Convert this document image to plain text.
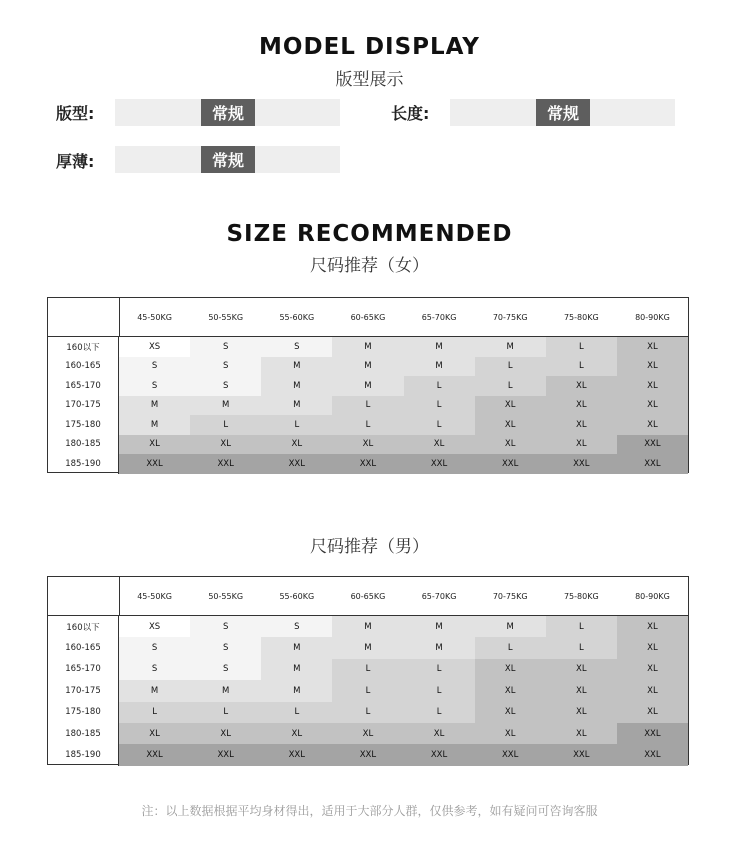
MODEL DISPLAY
版型展示
版型:	常规	长度:	常规
厚薄:	常规
SIZE RECOMMENDED
尺码推荐（女）
45-50KG	50-55KG	55-60KG	60-65KG	65-70KG	70-75KG	75-80KG	80-90KG
160以下	XS	S	S	M	M	M	L	XL
160-165	S	S	M	M	M	L	L	XL
165-170	S	S	M	M	L	L	XL	XL
170-175	M	M	M	L	L	XL	XL	XL
175-180	M	L	L	L	L	XL	XL	XL
180-185	XL	XL	XL	XL	XL	XL	XL	XXL
185-190	XXL	XXL	XXL	XXL	XXL	XXL	XXL	XXL
尺码推荐（男）
45-50KG	50-55KG	55-60KG	60-65KG	65-70KG	70-75KG	75-80KG	80-90KG
160以下	XS	S	S	M	M	M	L	XL
160-165	S	S	M	M	M	L	L	XL
165-170	S	S	M	L	L	XL	XL	XL
170-175	M	M	M	L	L	XL	XL	XL
175-180	L	L	L	L	L	XL	XL	XL
180-185	XL	XL	XL	XL	XL	XL	XL	XXL
185-190	XXL	XXL	XXL	XXL	XXL	XXL	XXL	XXL
注：以上数据根据平均身材得出，适用于大部分人群，仅供参考，如有疑问可咨询客服
